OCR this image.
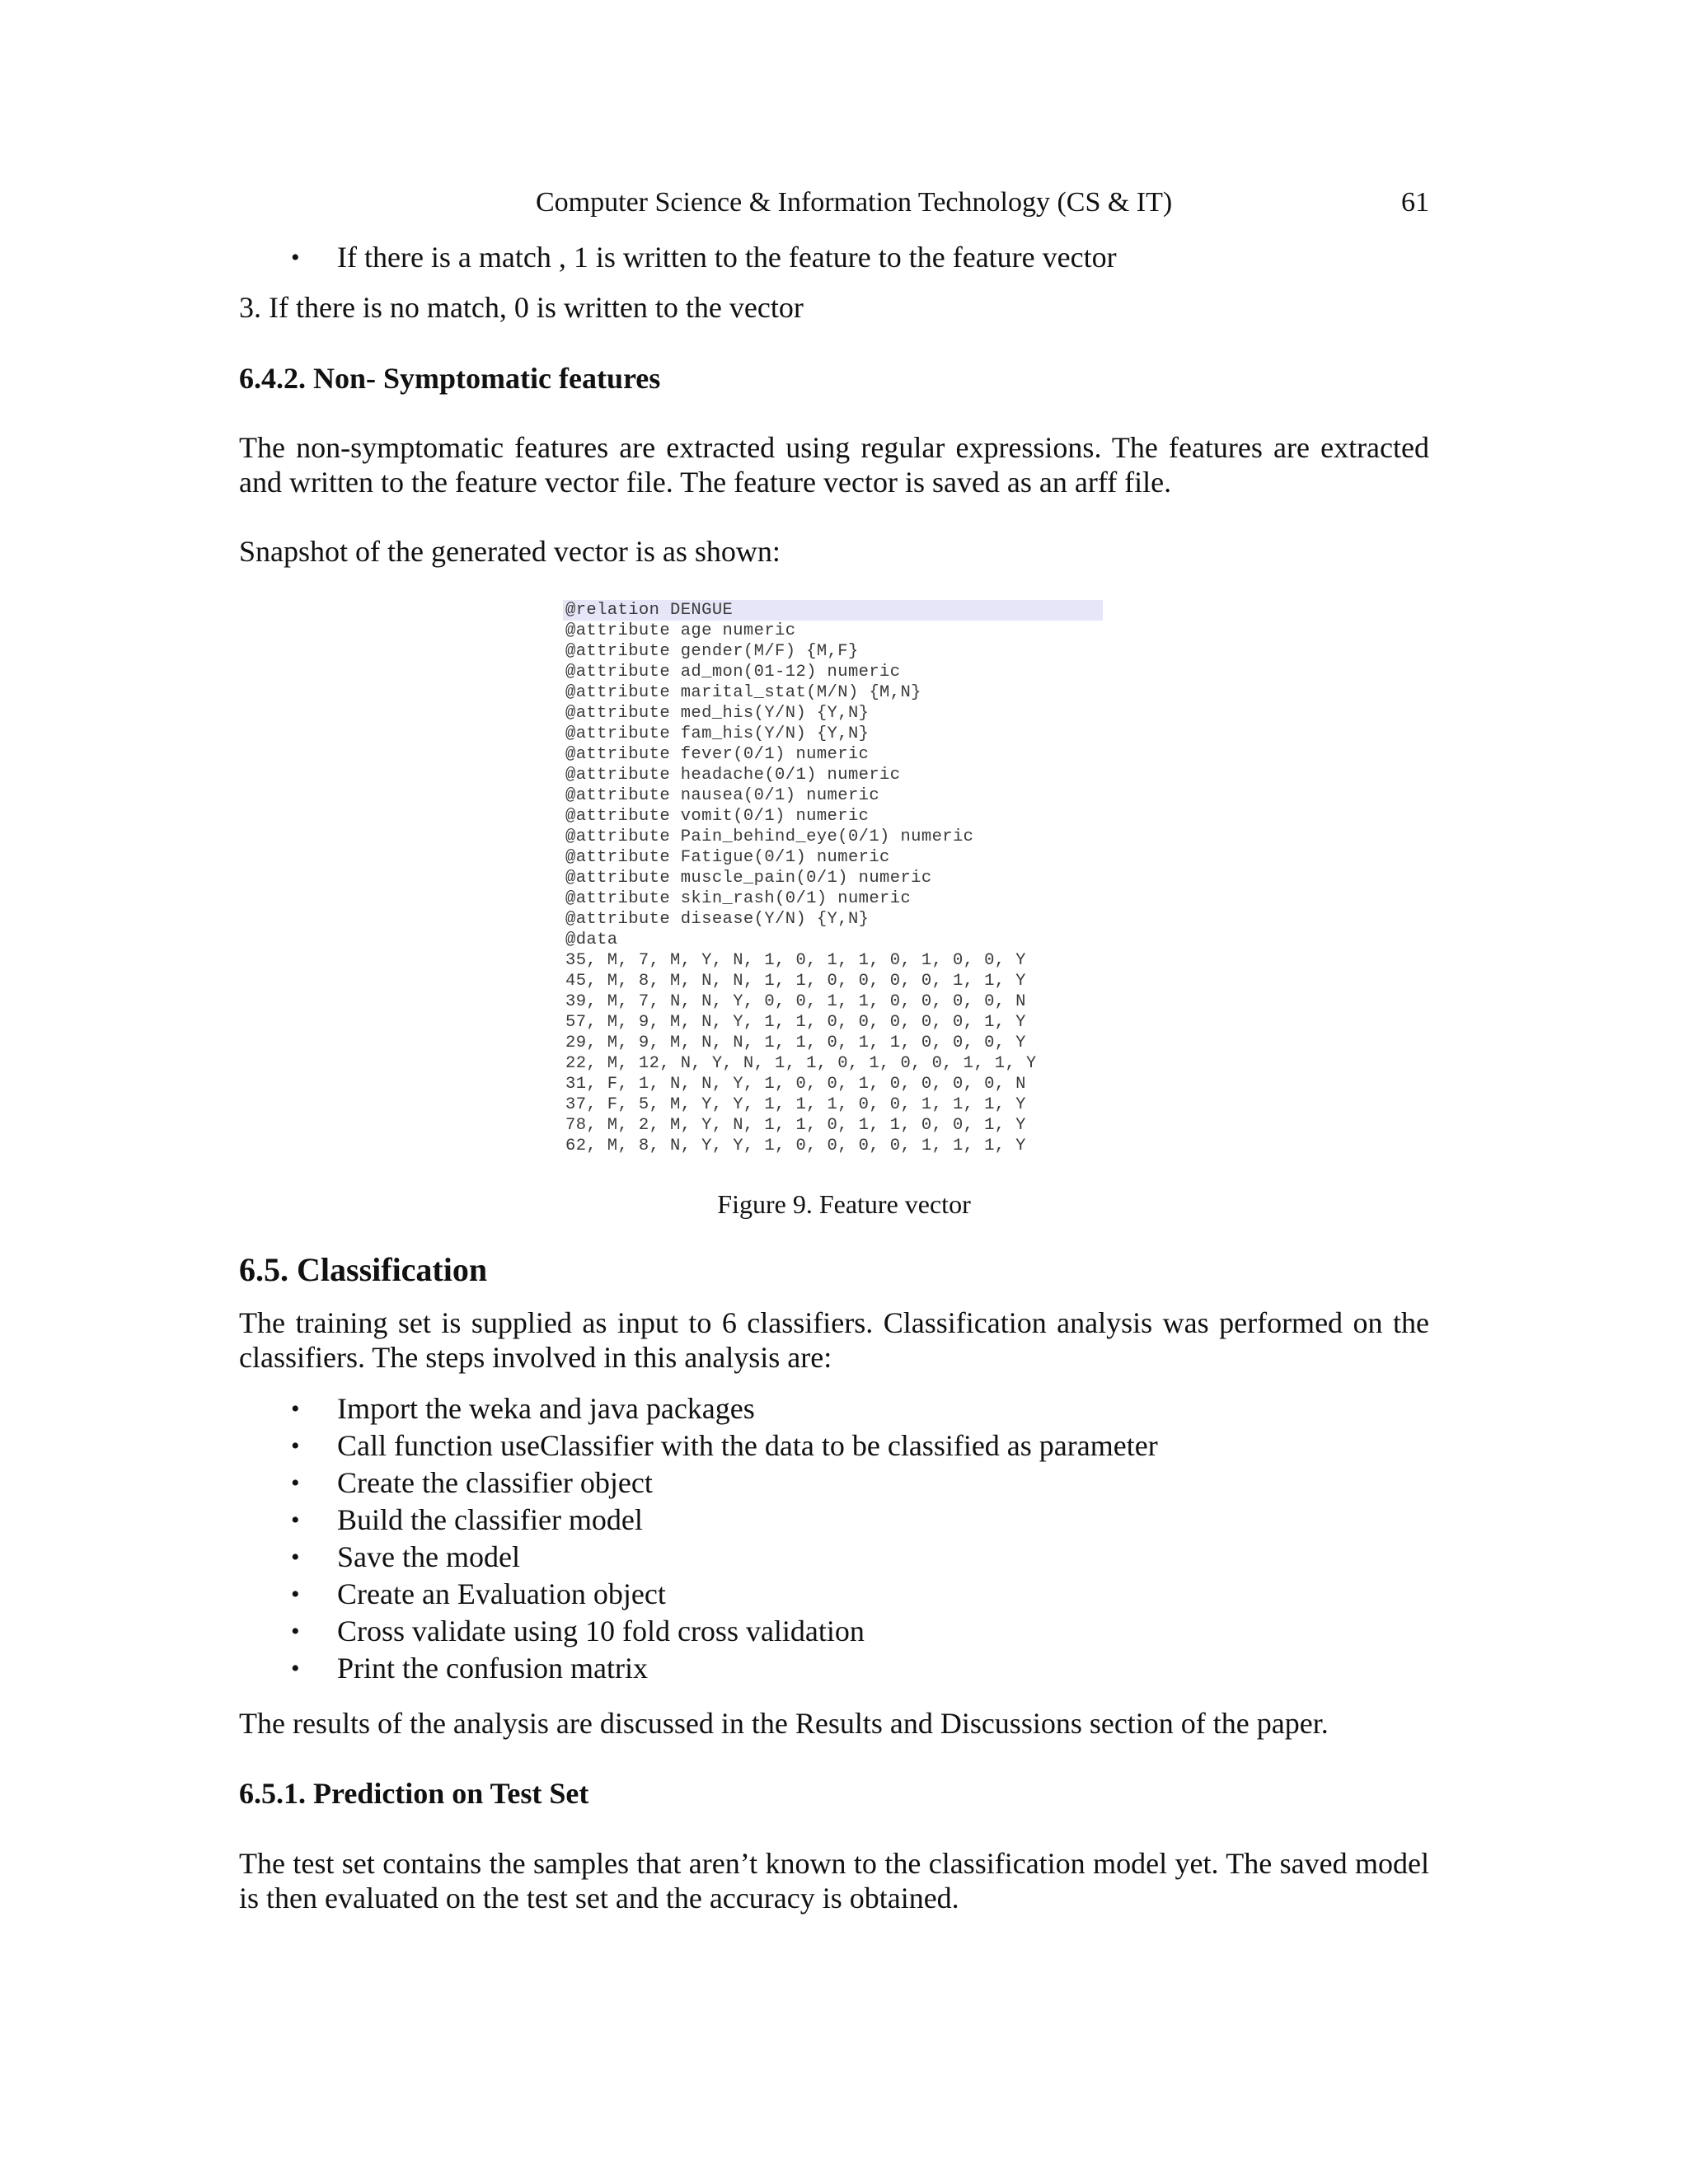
Computer Science & Information Technology (CS & IT)	61
• If there is a match , 1 is written to the feature to the feature vector
3. If there is no match, 0 is written to the vector
6.4.2. Non- Symptomatic features
The non-symptomatic features are extracted using regular expressions. The features are extracted and written to the feature vector file. The feature vector is saved as an arff file.
Snapshot of the generated vector is as shown:
@relation DENGUE
@attribute age numeric
@attribute gender(M/F) {M,F}
@attribute ad_mon(01-12) numeric
@attribute marital_stat(M/N) {M,N}
@attribute med_his(Y/N) {Y,N}
@attribute fam_his(Y/N) {Y,N}
@attribute fever(0/1) numeric
@attribute headache(0/1) numeric
@attribute nausea(0/1) numeric
@attribute vomit(0/1) numeric
@attribute Pain_behind_eye(0/1) numeric
@attribute Fatigue(0/1) numeric
@attribute muscle_pain(0/1) numeric
@attribute skin_rash(0/1) numeric
@attribute disease(Y/N) {Y,N}
@data
35, M, 7, M, Y, N, 1, 0, 1, 1, 0, 1, 0, 0, Y
45, M, 8, M, N, N, 1, 1, 0, 0, 0, 0, 1, 1, Y
39, M, 7, N, N, Y, 0, 0, 1, 1, 0, 0, 0, 0, N
57, M, 9, M, N, Y, 1, 1, 0, 0, 0, 0, 0, 1, Y
29, M, 9, M, N, N, 1, 1, 0, 1, 1, 0, 0, 0, Y
22, M, 12, N, Y, N, 1, 1, 0, 1, 0, 0, 1, 1, Y
31, F, 1, N, N, Y, 1, 0, 0, 1, 0, 0, 0, 0, N
37, F, 5, M, Y, Y, 1, 1, 1, 0, 0, 1, 1, 1, Y
78, M, 2, M, Y, N, 1, 1, 0, 1, 1, 0, 0, 1, Y
62, M, 8, N, Y, Y, 1, 0, 0, 0, 0, 1, 1, 1, Y
Figure 9. Feature vector
6.5. Classification
The training set is supplied as input to 6 classifiers. Classification analysis was performed on the classifiers. The steps involved in this analysis are:
• Import the weka and java packages
• Call function useClassifier with the data to be classified as parameter
• Create the classifier object
• Build the classifier model
• Save the model
• Create an Evaluation object
• Cross validate using 10 fold cross validation
• Print the confusion matrix
The results of the analysis are discussed in the Results and Discussions section of the paper.
6.5.1. Prediction on Test Set
The test set contains the samples that aren’t known to the classification model yet. The saved model is then evaluated on the test set and the accuracy is obtained.
